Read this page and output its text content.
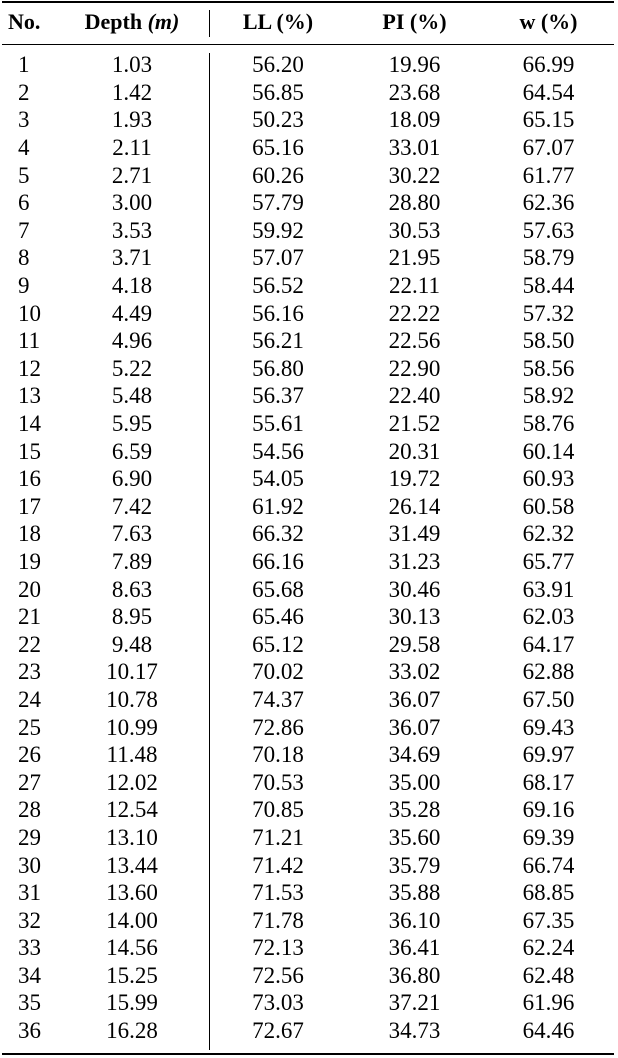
No.	Depth (m)	LL (%)	PI (%)	w (%)

1	1.03	56.20	19.96	66.99
2	1.42	56.85	23.68	64.54
3	1.93	50.23	18.09	65.15
4	2.11	65.16	33.01	67.07
5	2.71	60.26	30.22	61.77
6	3.00	57.79	28.80	62.36
7	3.53	59.92	30.53	57.63
8	3.71	57.07	21.95	58.79
9	4.18	56.52	22.11	58.44
10	4.49	56.16	22.22	57.32
11	4.96	56.21	22.56	58.50
12	5.22	56.80	22.90	58.56
13	5.48	56.37	22.40	58.92
14	5.95	55.61	21.52	58.76
15	6.59	54.56	20.31	60.14
16	6.90	54.05	19.72	60.93
17	7.42	61.92	26.14	60.58
18	7.63	66.32	31.49	62.32
19	7.89	66.16	31.23	65.77
20	8.63	65.68	30.46	63.91
21	8.95	65.46	30.13	62.03
22	9.48	65.12	29.58	64.17
23	10.17	70.02	33.02	62.88
24	10.78	74.37	36.07	67.50
25	10.99	72.86	36.07	69.43
26	11.48	70.18	34.69	69.97
27	12.02	70.53	35.00	68.17
28	12.54	70.85	35.28	69.16
29	13.10	71.21	35.60	69.39
30	13.44	71.42	35.79	66.74
31	13.60	71.53	35.88	68.85
32	14.00	71.78	36.10	67.35
33	14.56	72.13	36.41	62.24
34	15.25	72.56	36.80	62.48
35	15.99	73.03	37.21	61.96
36	16.28	72.67	34.73	64.46
